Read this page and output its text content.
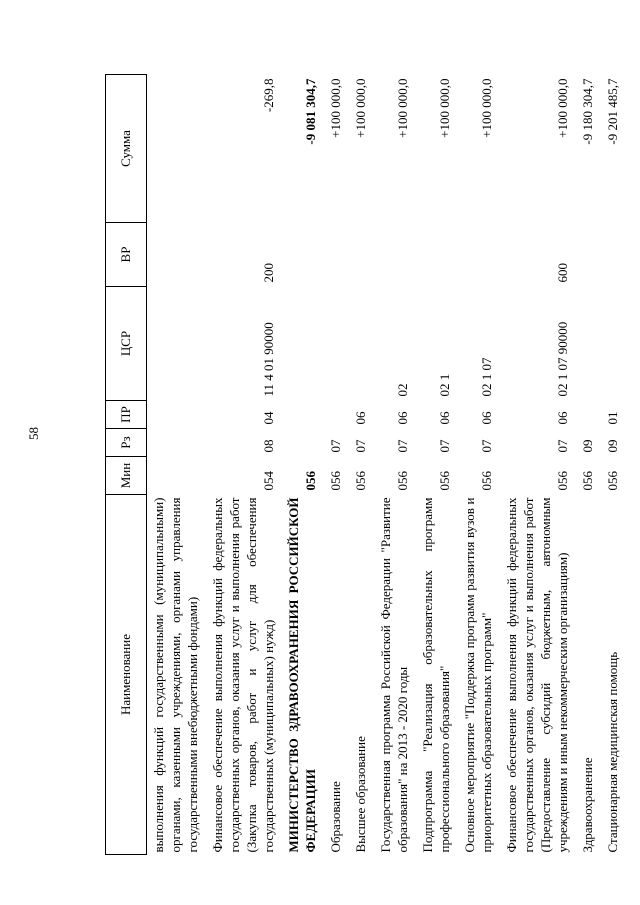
58
Наименование	Мин	Рз	ПР	ЦСР	ВР	Сумма
выполнения функций государственными (муниципальными) органами, казенными учреждениями, органами управления государственными внебюджетными фондами)						
Финансовое обеспечение выполнения функций федеральных государственных органов, оказания услуг и выполнения работ (Закупка товаров, работ и услуг для обеспечения государственных (муниципальных) нужд)	054	08	04	11 4 01 90000	200	-269,8
МИНИСТЕРСТВО ЗДРАВООХРАНЕНИЯ РОССИЙСКОЙ ФЕДЕРАЦИИ	056					-9 081 304,7
Образование	056	07				+100 000,0
Высшее образование	056	07	06			+100 000,0
Государственная программа Российской Федерации "Развитие образования" на 2013 - 2020 годы	056	07	06	02		+100 000,0
Подпрограмма "Реализация образовательных программ профессионального образования"	056	07	06	02 1		+100 000,0
Основное мероприятие "Поддержка программ развития вузов и приоритетных образовательных программ"	056	07	06	02 1 07		+100 000,0
Финансовое обеспечение выполнения функций федеральных государственных органов, оказания услуг и выполнения работ (Предоставление субсидий бюджетным, автономным учреждениям и иным некоммерческим организациям)	056	07	06	02 1 07 90000	600	+100 000,0
Здравоохранение	056	09				-9 180 304,7
Стационарная медицинская помощь	056	09	01			-9 201 485,7
